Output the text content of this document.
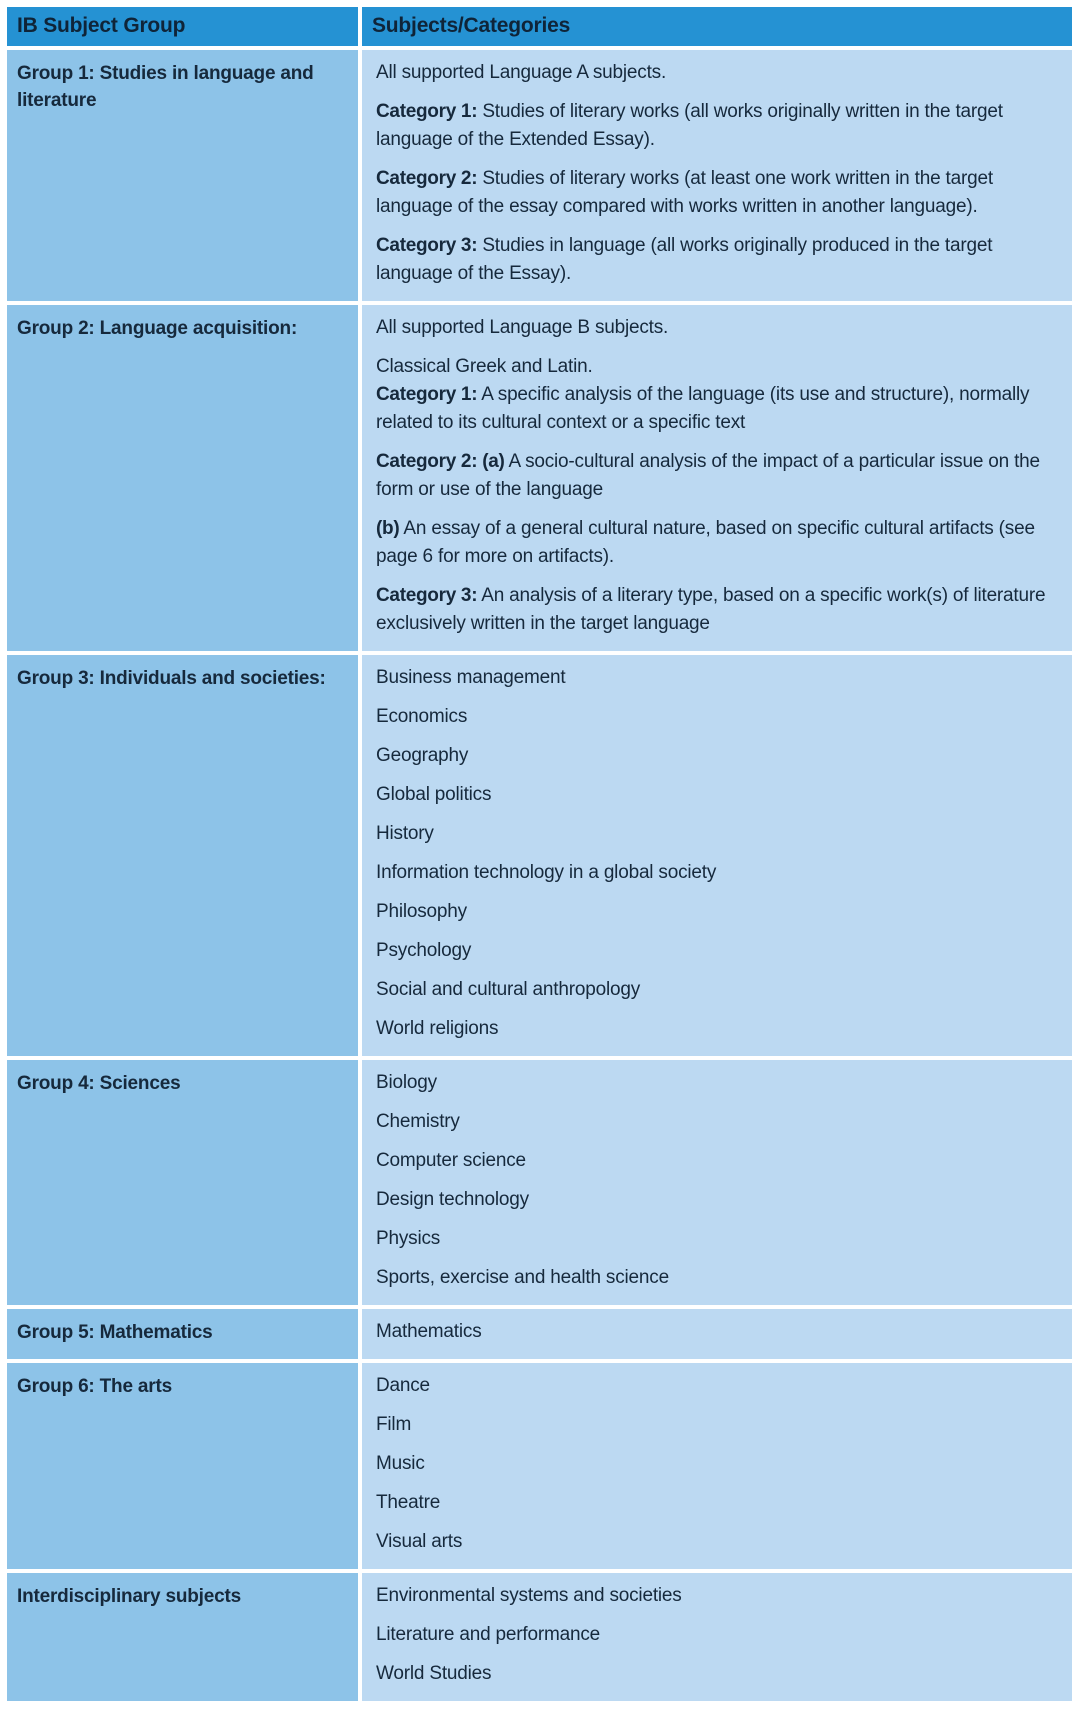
IB Subject Group	Subjects/Categories
Group 1: Studies in language and literature	All supported Language A subjects.

Category 1: Studies of literary works (all works originally written in the target language of the Extended Essay).

Category 2: Studies of literary works (at least one work written in the target language of the essay compared with works written in another language).

Category 3: Studies in language (all works originally produced in the target language of the Essay).

Group 2: Language acquisition:	All supported Language B subjects.

Classical Greek and Latin.

Category 1: A specific analysis of the language (its use and structure), normally related to its cultural context or a specific text

Category 2: (a) A socio-cultural analysis of the impact of a particular issue on the form or use of the language

(b) An essay of a general cultural nature, based on specific cultural artifacts (see page 6 for more on artifacts).

Category 3: An analysis of a literary type, based on a specific work(s) of literature exclusively written in the target language

Group 3: Individuals and societies:	Business management

Economics

Geography

Global politics

History

Information technology in a global society

Philosophy

Psychology

Social and cultural anthropology

World religions

Group 4: Sciences	Biology

Chemistry

Computer science

Design technology

Physics

Sports, exercise and health science

Group 5: Mathematics	Mathematics

Group 6: The arts	Dance

Film

Music

Theatre

Visual arts

Interdisciplinary subjects	Environmental systems and societies

Literature and performance

World Studies
